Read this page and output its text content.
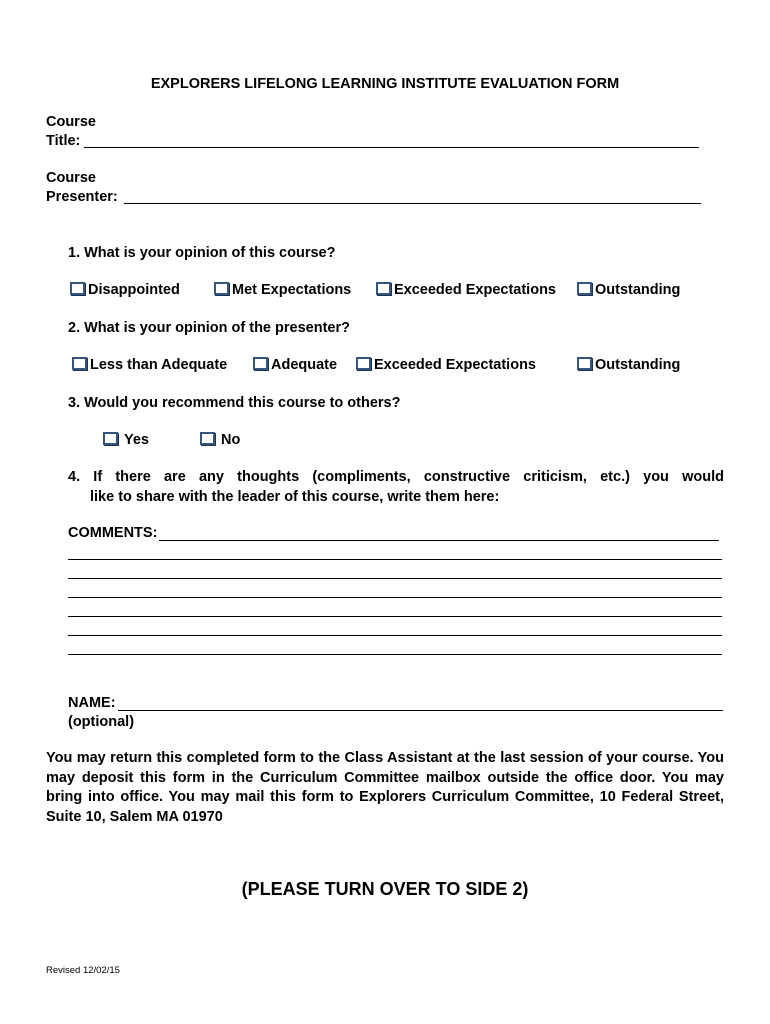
EXPLORERS LIFELONG LEARNING INSTITUTE EVALUATION FORM
Course
Title:
Course
Presenter:
1. What is your opinion of this course?
Disappointed	Met Expectations	Exceeded Expectations	Outstanding
2. What is your opinion of the presenter?
Less than Adequate	Adequate	Exceeded Expectations	Outstanding
3. Would you recommend this course to others?
Yes	No
4. If there are any thoughts (compliments, constructive criticism, etc.) you would
like to share with the leader of this course, write them here:
COMMENTS:
NAME:
(optional)
You may return this completed form to the Class Assistant at the last session of your course. You may deposit this form in the Curriculum Committee mailbox outside the office door. You may bring into office. You may mail this form to Explorers Curriculum Committee, 10 Federal Street, Suite 10, Salem MA 01970
(PLEASE TURN OVER TO SIDE 2)
Revised 12/02/15
